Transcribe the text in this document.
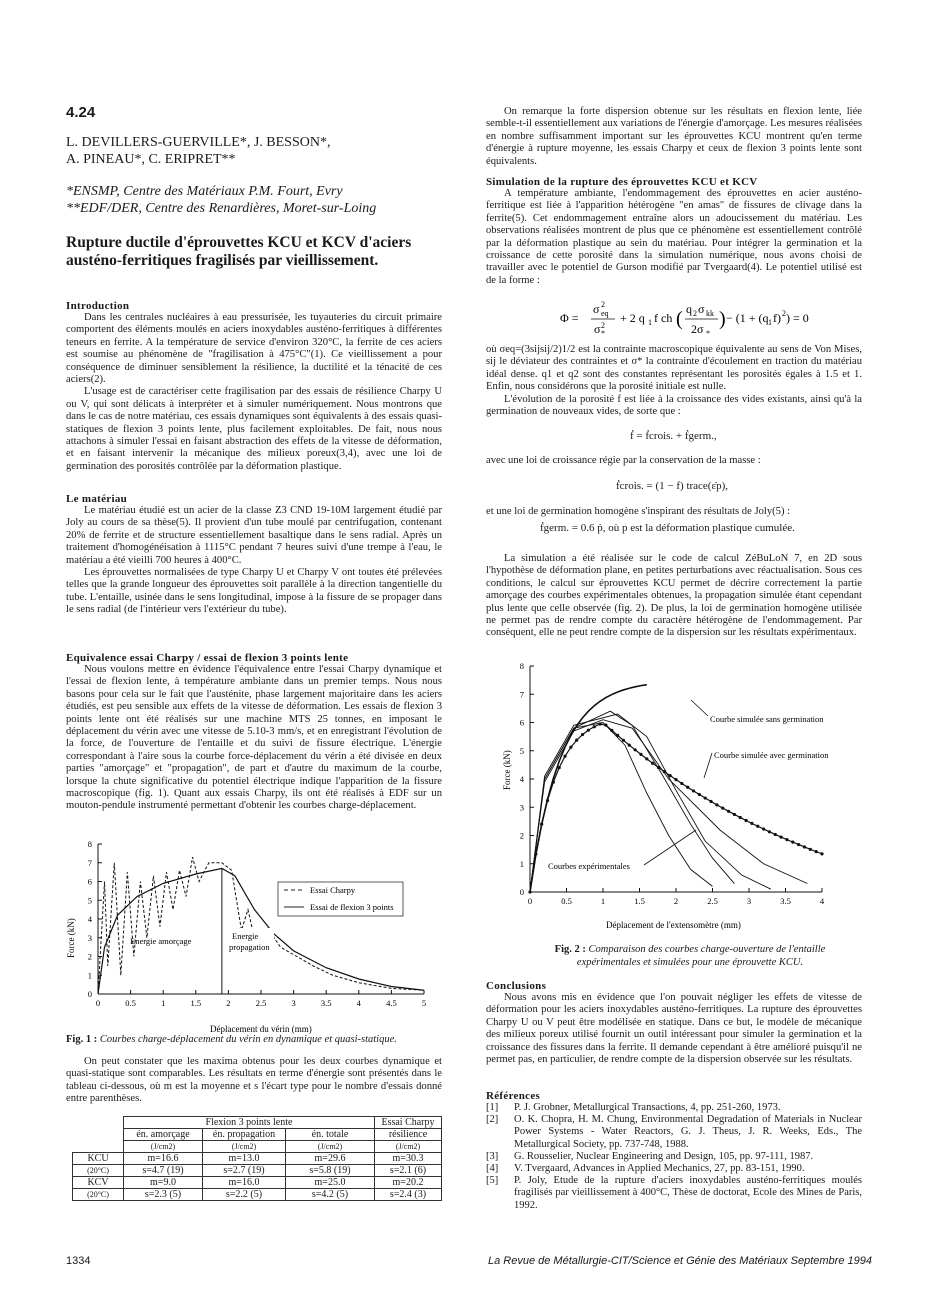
4.24
L. DEVILLERS-GUERVILLE*, J. BESSON*,
A. PINEAU*, C. ERIPRET**
*ENSMP, Centre des Matériaux P.M. Fourt, Evry
**EDF/DER, Centre des Renardières, Moret-sur-Loing
Rupture ductile d'éprouvettes KCU et KCV d'aciers
austéno-ferritiques fragilisés par vieillissement.

Introduction

Dans les centrales nucléaires à eau pressurisée, les tuyauteries du circuit primaire comportent des éléments moulés en aciers inoxydables austéno-ferritiques à différentes teneurs en ferrite. A la température de service d'environ 320°C, la ferrite de ces aciers est soumise au phénomène de "fragilisation à 475°C"(1). Ce vieillissement a pour conséquence de diminuer sensiblement la résilience, la ductilité et la ténacité de ces aciers(2).

L'usage est de caractériser cette fragilisation par des essais de résilience Charpy U ou V, qui sont délicats à interpréter et à simuler numériquement. Nous montrons que dans le cas de notre matériau, ces essais dynamiques sont équivalents à des essais quasi-statiques de flexion 3 points lente, plus facilement exploitables. De fait, nous nous attachons à simuler l'essai en faisant abstraction des effets de la vitesse de déformation, et en faisant intervenir la mécanique des milieux poreux(3,4), avec une loi de germination des porosités contrôlée par la déformation plastique.

Le matériau

Le matériau étudié est un acier de la classe Z3 CND 19-10M largement étudié par Joly au cours de sa thèse(5). Il provient d'un tube moulé par centrifugation, contenant 20% de ferrite et de structure essentiellement basaltique dans le sens radial. Après un traitement d'homogénéisation à 1115°C pendant 7 heures suivi d'une trempe à l'eau, le matériau a été vieilli 700 heures à 400°C.

Les éprouvettes normalisées de type Charpy U et Charpy V ont toutes été prélevées telles que la grande longueur des éprouvettes soit parallèle à la direction tangentielle du tube. L'entaille, usinée dans le sens longitudinal, impose à la fissure de se propager dans le sens radial (de l'intérieur vers l'extérieur du tube).

Equivalence essai Charpy / essai de flexion 3 points lente

Nous voulons mettre en évidence l'équivalence entre l'essai Charpy dynamique et l'essai de flexion lente, à température ambiante dans un premier temps. Nous nous basons pour cela sur le fait que l'austénite, phase largement majoritaire dans les aciers étudiés, est peu sensible aux effets de la vitesse de déformation. Les essais de flexion 3 points lente ont été réalisés sur une machine MTS 25 tonnes, en imposant le déplacement du vérin avec une vitesse de 5.10-3 mm/s, et en enregistrant l'évolution de la force, de l'ouverture de l'entaille et du suivi de fissure électrique. L'énergie correspondant à l'aire sous la courbe force-déplacement du vérin a été divisée en deux parties "amorçage" et "propagation", de part et d'autre du maximum de la courbe, lorsque la chute significative du potentiel électrique indique l'apparition de la fissure macroscopique (fig. 1). Quant aux essais Charpy, ils ont été réalisés à EDF sur un mouton-pendule instrumenté permettant d'obtenir les courbes charge-déplacement.

0	0.5	1	1.5	2	2.5	3	3.5	4	4.5	5
0
1
2
3
4
5
6
7
8
Force (kN)
Déplacement du vérin (mm)
Essai Charpy
Essai de flexion 3 points
Energie amorçage	Energie
propagation
Fig. 1 : Courbes charge-déplacement du vérin en dynamique et quasi-statique.

On peut constater que les maxima obtenus pour les deux courbes dynamique et quasi-statique sont comparables. Les résultats en terme d'énergie sont présentés dans le tableau ci-dessous, où m est la moyenne et s l'écart type pour le nombre d'essais donné entre parenthèses.

	Flexion 3 points lente			Essai Charpy
	én. amorçage	én. propagation	én. totale	résilience
	(J/cm2)	(J/cm2)	(J/cm2)	(J/cm2)
KCU	m=16.6	m=13.0	m=29.6	m=30.3
(20°C)	s=4.7 (19)	s=2.7 (19)	s=5.8 (19)	s=2.1 (6)
KCV	m=9.0	m=16.0	m=25.0	m=20.2
(20°C)	s=2.3 (5)	s=2.2 (5)	s=4.2 (5)	s=2.4 (3)

On remarque la forte dispersion obtenue sur les résultats en flexion lente, liée semble-t-il essentiellement aux variations de l'énergie d'amorçage. Les mesures réalisées en nombre suffisamment important sur les éprouvettes KCU montrent qu'en terme d'énergie à rupture moyenne, les essais Charpy et ceux de flexion 3 points lente sont équivalents.

Simulation de la rupture des éprouvettes KCU et KCV

A température ambiante, l'endommagement des éprouvettes en acier austéno-ferritique est liée à l'apparition hétérogène "en amas" de fissures de clivage dans la ferrite(5). Cet endommagement entraîne alors un adoucissement du matériau. Les observations réalisées montrent de plus que ce phénomène est essentiellement contrôlé par la déformation plastique au sein du matériau. Pour intégrer la germination et la croissance de cette porosité dans la simulation numérique, nous avons choisi de travailler avec le potentiel de Gurson modifié par Tvergaard(4). Le potentiel utilisé est de la forme :

Φ =
σ eq
2
σ *
2
+ 2 q 1 f ch ( q 2 σ kk
2σ *
) − (1 + (q 1 f) 2 ) = 0

où σeq=(3sijsij/2)1/2 est la contrainte macroscopique équivalente au sens de Von Mises, sij le déviateur des contraintes et σ* la contrainte d'écoulement en traction du matériau idéal dense. q1 et q2 sont des constantes représentant les porosités égales à 1.5 et 1. Enfin, nous considérons que la porosité initiale est nulle.

L'évolution de la porosité f est liée à la croissance des vides existants, ainsi qu'à la germination de nouveaux vides, de sorte que :

ḟ = ḟcrois. + ḟgerm.,

avec une loi de croissance régie par la conservation de la masse :

ḟcrois. = (1 − f) trace(ε̇p),

et une loi de germination homogène s'inspirant des résultats de Joly(5) :

ḟgerm. = 0.6 ṗ, où p est la déformation plastique cumulée.

La simulation a été réalisée sur le code de calcul ZéBuLoN 7, en 2D sous l'hypothèse de déformation plane, en petites perturbations avec réactualisation. Sous ces conditions, le calcul sur éprouvettes KCU permet de décrire correctement la partie amorçage des courbes expérimentales obtenues, la propagation simulée étant cependant plus lente que celle observée (fig. 2). De plus, la loi de germination homogène utilisée ne permet pas de rendre compte du caractère hétérogène de l'endommagement. Par conséquent, elle ne peut rendre compte de la dispersion sur les résultats expérimentaux.

0	0.5	1	1.5	2	2.5	3	3.5	4
0
1
2
3
4
5
6
7
8
Force (kN)
Déplacement de l'extensomètre (mm)
Courbe simulée sans germination
Courbe simulée avec germination
Courbes expérimentales
Fig. 2 : Comparaison des courbes charge-ouverture de l'entaille
expérimentales et simulées pour une éprouvette KCU.

Conclusions

Nous avons mis en évidence que l'on pouvait négliger les effets de vitesse de déformation pour les aciers inoxydables austéno-ferritiques. La rupture des éprouvettes Charpy U ou V peut être modélisée en statique. Dans ce but, le modèle de mécanique des milieux poreux utilisé fournit un outil intéressant pour simuler la germination et la croissance des fissures dans la ferrite. Il demande cependant à être amélioré puisqu'il ne permet pas, en particulier, de rendre compte de la dispersion observée sur les résultats.

Références

[1]	P. J. Grobner, Metallurgical Transactions, 4, pp. 251-260, 1973.
[2]	O. K. Chopra, H. M. Chung, Environmental Degradation of Materials in Nuclear Power Systems - Water Reactors, G. J. Theus, J. R. Weeks, Eds., The Metallurgical Society, pp. 737-748, 1988.
[3]	G. Rousselier, Nuclear Engineering and Design, 105, pp. 97-111, 1987.
[4]	V. Tvergaard, Advances in Applied Mechanics, 27, pp. 83-151, 1990.
[5]	P. Joly, Etude de la rupture d'aciers inoxydables austéno-ferritiques moulés fragilisés par vieillissement à 400°C, Thèse de doctorat, Ecole des Mines de Paris, 1992.
1334	La Revue de Métallurgie-CIT/Science et Génie des Matériaux Septembre 1994
